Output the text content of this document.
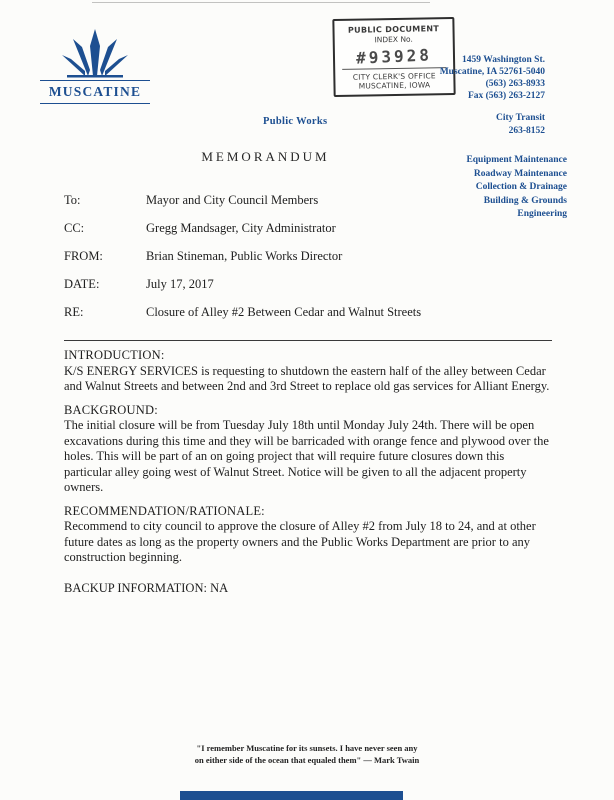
MUSCATINE
PUBLIC DOCUMENT
INDEX No.
#93928
CITY CLERK'S OFFICE
MUSCATINE, IOWA
1459 Washington St.
Muscatine, IA 52761-5040
(563) 263-8933
Fax (563) 263-2127
Public Works	City Transit
263-8152
MEMORANDUM	Equipment Maintenance
Roadway Maintenance
Collection & Drainage
Building & Grounds
Engineering
To:	Mayor and City Council Members
CC:	Gregg Mandsager, City Administrator
FROM:	Brian Stineman, Public Works Director
DATE:	July 17, 2017
RE:	Closure of Alley #2 Between Cedar and Walnut Streets
INTRODUCTION:
K/S ENERGY SERVICES is requesting to shutdown the eastern half of the alley between Cedar and Walnut Streets and between 2nd and 3rd Street to replace old gas services for Alliant Energy.
BACKGROUND:
The initial closure will be from Tuesday July 18th until Monday July 24th. There will be open excavations during this time and they will be barricaded with orange fence and plywood over the holes. This will be part of an on going project that will require future closures down this particular alley going west of Walnut Street. Notice will be given to all the adjacent property owners.
RECOMMENDATION/RATIONALE:
Recommend to city council to approve the closure of Alley #2 from July 18 to 24, and at other future dates as long as the property owners and the Public Works Department are prior to any construction beginning.
BACKUP INFORMATION: NA
"I remember Muscatine for its sunsets. I have never seen any
on either side of the ocean that equaled them" — Mark Twain
